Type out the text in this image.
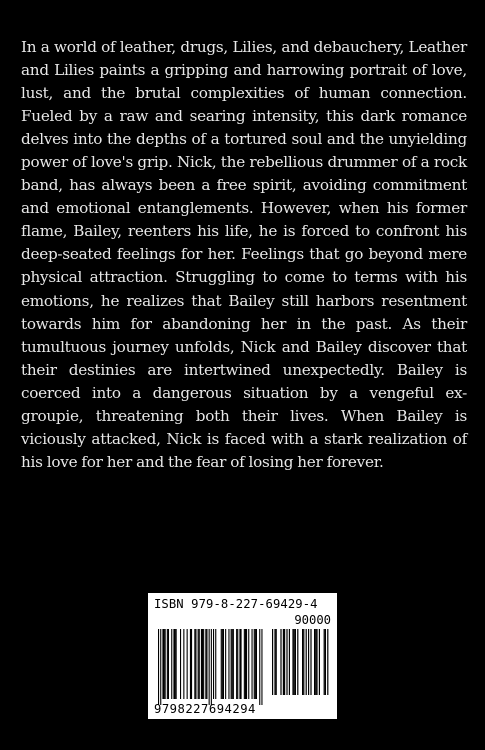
In a world of leather, drugs, Lilies, and debauchery, Leather and Lilies paints a gripping and harrowing portrait of love, lust, and the brutal complexities of human connection. Fueled by a raw and searing intensity, this dark romance delves into the depths of a tortured soul and the unyielding power of love's grip. Nick, the rebellious drummer of a rock band, has always been a free spirit, avoiding commitment and emotional entanglements. However, when his former flame, Bailey, reenters his life, he is forced to confront his deep-seated feelings for her. Feelings that go beyond mere physical attraction. Struggling to come to terms with his emotions, he realizes that Bailey still harbors resentment towards him for abandoning her in the past. As their tumultuous journey unfolds, Nick and Bailey discover that their destinies are intertwined unexpectedly. Bailey is coerced into a dangerous situation by a vengeful ex-groupie, threatening both their lives. When Bailey is viciously attacked, Nick is faced with a stark realization of his love for her and the fear of losing her forever.

ISBN 979-8-227-69429-4
90000
9798227694294
